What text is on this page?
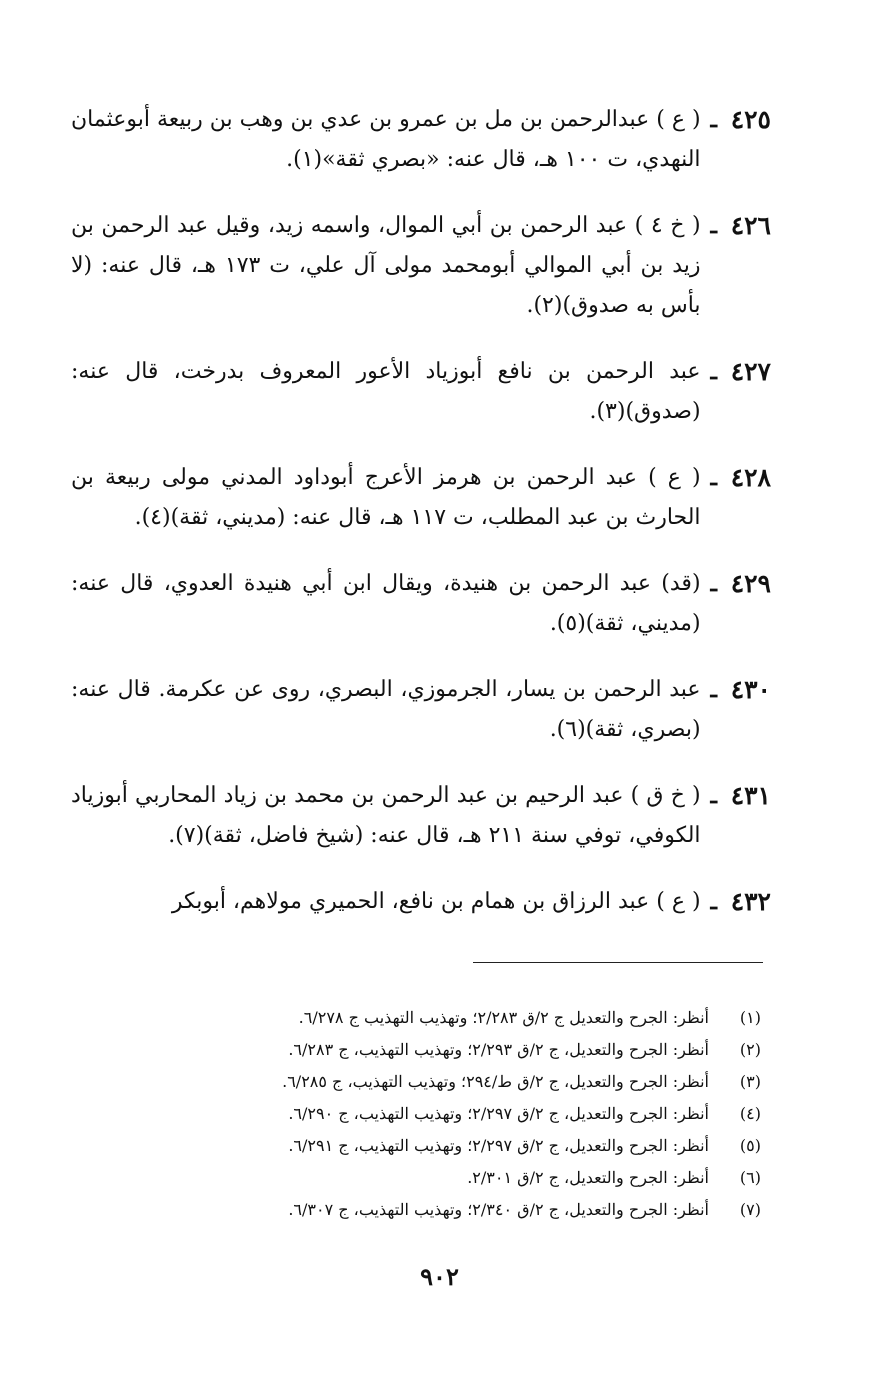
٤٢٥
ـ
( ع ) عبدالرحمن بن مل بن عمرو بن عدي بن وهب بن ربيعة أبوعثمان النهدي، ت ١٠٠ هـ، قال عنه: «بصري ثقة»(١).
٤٢٦
ـ
( خ ٤ ) عبد الرحمن بن أبي الموال، واسمه زيد، وقيل عبد الرحمن بن زيد بن أبي الموالي أبومحمد مولى آل علي، ت ١٧٣ هـ، قال عنه: (لا بأس به صدوق)(٢).
٤٢٧
ـ
عبد الرحمن بن نافع أبوزياد الأعور المعروف بدرخت، قال عنه: (صدوق)(٣).
٤٢٨
ـ
( ع ) عبد الرحمن بن هرمز الأعرج أبوداود المدني مولى ربيعة بن الحارث بن عبد المطلب، ت ١١٧ هـ، قال عنه: (مديني، ثقة)(٤).
٤٢٩
ـ
(قد) عبد الرحمن بن هنيدة، ويقال ابن أبي هنيدة العدوي، قال عنه: (مديني، ثقة)(٥).
٤٣٠
ـ
عبد الرحمن بن يسار، الجرموزي، البصري، روى عن عكرمة. قال عنه: (بصري، ثقة)(٦).
٤٣١
ـ
( خ ق ) عبد الرحيم بن عبد الرحمن بن محمد بن زياد المحاربي أبوزياد الكوفي، توفي سنة ٢١١ هـ، قال عنه: (شيخ فاضل، ثقة)(٧).
٤٣٢
ـ
( ع ) عبد الرزاق بن همام بن نافع، الحميري مولاهم، أبوبكر
(١)
أنظر: الجرح والتعديل ج ٢/ق ٢/٢٨٣؛ وتهذيب التهذيب ج ٦/٢٧٨.
(٢)
أنظر: الجرح والتعديل، ج ٢/ق ٢/٢٩٣؛ وتهذيب التهذيب، ج ٦/٢٨٣.
(٣)
أنظر: الجرح والتعديل، ج ٢/ق ط/٢٩٤؛ وتهذيب التهذيب، ج ٦/٢٨٥.
(٤)
أنظر: الجرح والتعديل، ج ٢/ق ٢/٢٩٧؛ وتهذيب التهذيب، ج ٦/٢٩٠.
(٥)
أنظر: الجرح والتعديل، ج ٢/ق ٢/٢٩٧؛ وتهذيب التهذيب، ج ٦/٢٩١.
(٦)
أنظر: الجرح والتعديل، ج ٢/ق ٢/٣٠١.
(٧)
أنظر: الجرح والتعديل، ج ٢/ق ٢/٣٤٠؛ وتهذيب التهذيب، ج ٦/٣٠٧.
٩٠٢
